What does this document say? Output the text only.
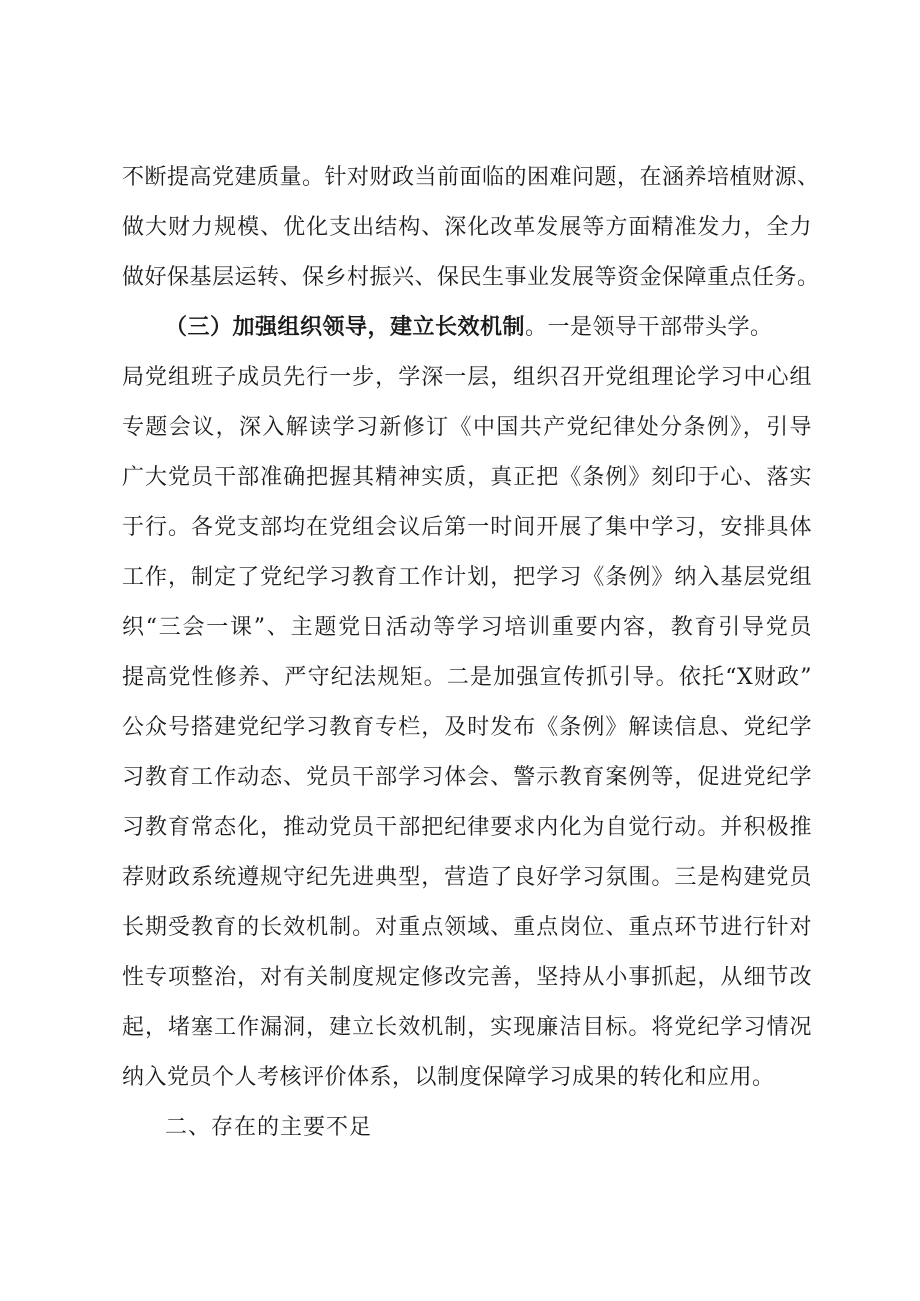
不断提高党建质量。针对财政当前面临的困难问题，在涵养培植财源、
做大财力规模、优化支出结构、深化改革发展等方面精准发力，全力
做好保基层运转、保乡村振兴、保民生事业发展等资金保障重点任务。
（三）加强组织领导，建立长效机制。一是领导干部带头学。
局党组班子成员先行一步，学深一层，组织召开党组理论学习中心组
专题会议，深入解读学习新修订《中国共产党纪律处分条例》，引导
广大党员干部准确把握其精神实质，真正把《条例》刻印于心、落实
于行。各党支部均在党组会议后第一时间开展了集中学习，安排具体
工作，制定了党纪学习教育工作计划，把学习《条例》纳入基层党组
织“三会一课”、主题党日活动等学习培训重要内容，教育引导党员
提高党性修养、严守纪法规矩。二是加强宣传抓引导。依托“X财政”
公众号搭建党纪学习教育专栏，及时发布《条例》解读信息、党纪学
习教育工作动态、党员干部学习体会、警示教育案例等，促进党纪学
习教育常态化，推动党员干部把纪律要求内化为自觉行动。并积极推
荐财政系统遵规守纪先进典型，营造了良好学习氛围。三是构建党员
长期受教育的长效机制。对重点领域、重点岗位、重点环节进行针对
性专项整治，对有关制度规定修改完善，坚持从小事抓起，从细节改
起，堵塞工作漏洞，建立长效机制，实现廉洁目标。将党纪学习情况
纳入党员个人考核评价体系，以制度保障学习成果的转化和应用。
二、存在的主要不足
